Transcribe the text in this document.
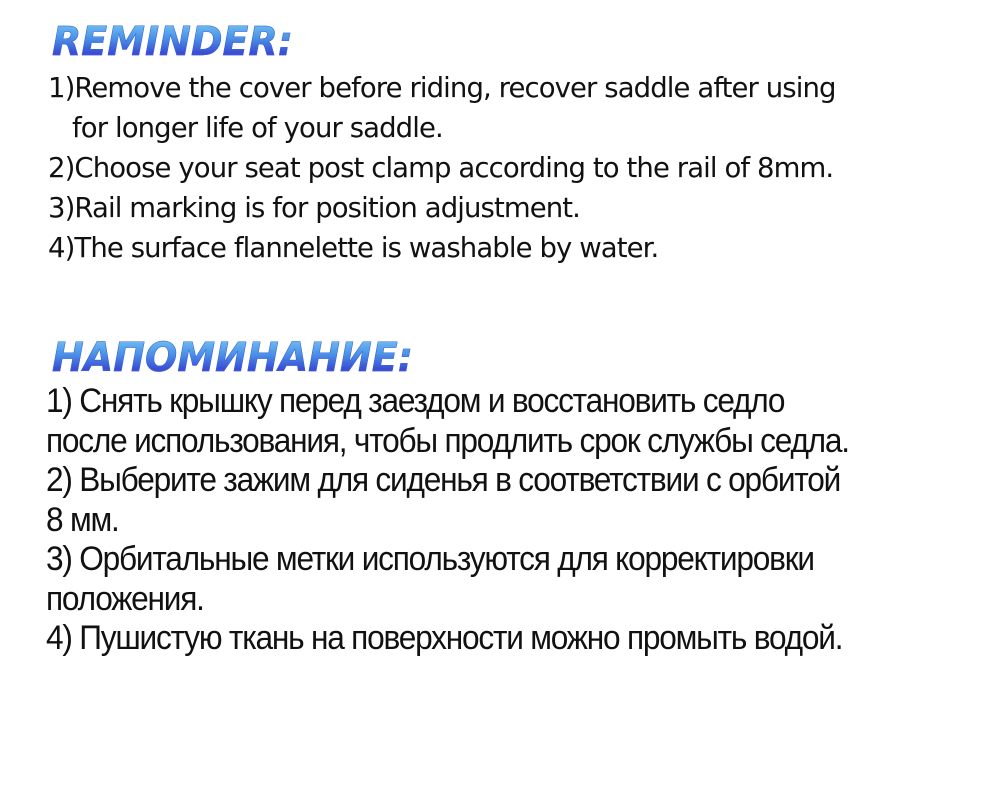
REMINDER:
1)Remove the cover before riding, recover saddle after using
for longer life of your saddle.
2)Choose your seat post clamp according to the rail of 8mm.
3)Rail marking is for position adjustment.
4)The surface flannelette is washable by water.
НАПОМИНАНИЕ:
1) Снять крышку перед заездом и восстановить седло
после использования, чтобы продлить срок службы седла.
2) Выберите зажим для сиденья в соответствии с орбитой
8 мм.
3) Орбитальные метки используются для корректировки
положения.
4) Пушистую ткань на поверхности можно промыть водой.
